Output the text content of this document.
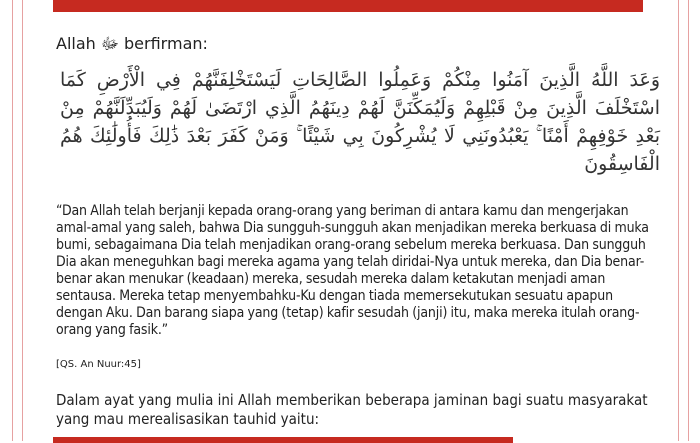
Allah ﷻ berfirman:
وَعَدَ اللَّهُ الَّذِينَ آمَنُوا مِنْكُمْ وَعَمِلُوا الصَّالِحَاتِ لَيَسْتَخْلِفَنَّهُمْ فِي الْأَرْضِ كَمَا اسْتَخْلَفَ الَّذِينَ مِنْ قَبْلِهِمْ وَلَيُمَكِّنَنَّ لَهُمْ دِينَهُمُ الَّذِي ارْتَضَىٰ لَهُمْ وَلَيُبَدِّلَنَّهُمْ مِنْ بَعْدِ خَوْفِهِمْ أَمْنًا ۚ يَعْبُدُونَنِي لَا يُشْرِكُونَ بِي شَيْئًا ۚ وَمَنْ كَفَرَ بَعْدَ ذَٰلِكَ فَأُولَٰئِكَ هُمُ الْفَاسِقُونَ
“Dan Allah telah berjanji kepada orang-orang yang beriman di antara kamu dan mengerjakan amal-amal yang saleh, bahwa Dia sungguh-sungguh akan menjadikan mereka berkuasa di muka bumi, sebagaimana Dia telah menjadikan orang-orang sebelum mereka berkuasa. Dan sungguh Dia akan meneguhkan bagi mereka agama yang telah diridai-Nya untuk mereka, dan Dia benar-benar akan menukar (keadaan) mereka, sesudah mereka dalam ketakutan menjadi aman sentausa. Mereka tetap menyembahku-Ku dengan tiada memersekutukan sesuatu apapun dengan Aku. Dan barang siapa yang (tetap) kafir sesudah (janji) itu, maka mereka itulah orang-orang yang fasik.”
[QS. An Nuur:45]
Dalam ayat yang mulia ini Allah memberikan beberapa jaminan bagi suatu masyarakat yang mau merealisasikan tauhid yaitu:
